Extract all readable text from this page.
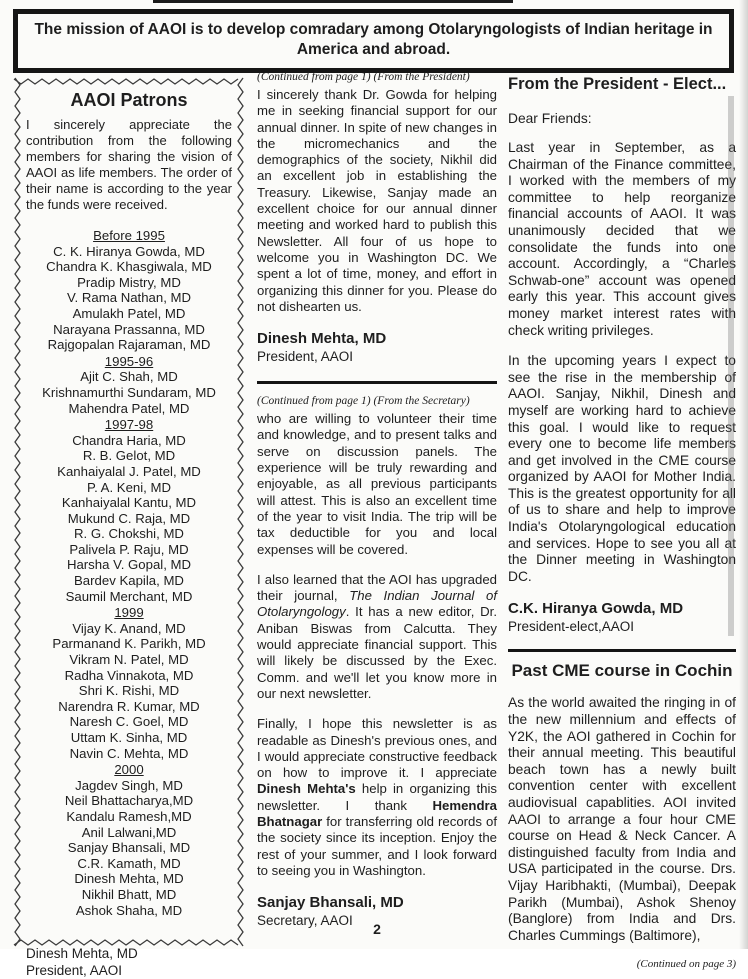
The mission of AAOI is to develop comradary among Otolaryngologists of Indian heritage in America and abroad.
AAOI Patrons
I sincerely appreciate the contribution from the following members for sharing the vision of AAOI as life members. The order of their name is according to the year the funds were received.
Before 1995
C. K. Hiranya Gowda, MD
Chandra K. Khasgiwala, MD
Pradip Mistry, MD
V. Rama Nathan, MD
Amulakh Patel, MD
Narayana Prassanna, MD
Rajgopalan Rajaraman, MD
1995-96
Ajit C. Shah, MD
Krishnamurthi Sundaram, MD
Mahendra Patel, MD
1997-98
Chandra Haria, MD
R. B. Gelot, MD
Kanhaiyalal J. Patel, MD
P. A. Keni, MD
Kanhaiyalal Kantu, MD
Mukund C. Raja, MD
R. G. Chokshi, MD
Palivela P. Raju, MD
Harsha V. Gopal, MD
Bardev Kapila, MD
Saumil Merchant, MD
1999
Vijay K. Anand, MD
Parmanand K. Parikh, MD
Vikram N. Patel, MD
Radha Vinnakota, MD
Shri K. Rishi, MD
Narendra R. Kumar, MD
Naresh C. Goel, MD
Uttam K. Sinha, MD
Navin C. Mehta, MD
2000
Jagdev Singh, MD
Neil Bhattacharya,MD
Kandalu Ramesh,MD
Anil Lalwani,MD
Sanjay Bhansali, MD
C.R. Kamath, MD
Dinesh Mehta, MD
Nikhil Bhatt, MD
Ashok Shaha, MD
Dinesh Mehta, MD
President, AAOI
(Continued from page 1) (From the President)
I sincerely thank Dr. Gowda for helping me in seeking financial support for our annual dinner. In spite of new changes in the micromechanics and the demographics of the society, Nikhil did an excellent job in establishing the Treasury. Likewise, Sanjay made an excellent choice for our annual dinner meeting and worked hard to publish this Newsletter. All four of us hope to welcome you in Washington DC. We spent a lot of time, money, and effort in organizing this dinner for you. Please do not dishearten us.
Dinesh Mehta, MD
President, AAOI
(Continued from page 1) (From the Secretary)
who are willing to volunteer their time and knowledge, and to present talks and serve on discussion panels. The experience will be truly rewarding and enjoyable, as all previous participants will attest. This is also an excellent time of the year to visit India. The trip will be tax deductible for you and local expenses will be covered.
I also learned that the AOI has upgraded their journal, The Indian Journal of Otolaryngology. It has a new editor, Dr. Aniban Biswas from Calcutta. They would appreciate financial support. This will likely be discussed by the Exec. Comm. and we'll let you know more in our next newsletter.
Finally, I hope this newsletter is as readable as Dinesh's previous ones, and I would appreciate constructive feedback on how to improve it. I appreciate Dinesh Mehta's help in organizing this newsletter. I thank Hemendra Bhatnagar for transferring old records of the society since its inception. Enjoy the rest of your summer, and I look forward to seeing you in Washington.
Sanjay Bhansali, MD
Secretary, AAOI
From the President - Elect...
Dear Friends:
Last year in September, as a Chairman of the Finance committee, I worked with the members of my committee to help reorganize financial accounts of AAOI. It was unanimously decided that we consolidate the funds into one account. Accordingly, a “Charles Schwab-one” account was opened early this year. This account gives money market interest rates with check writing privileges.
In the upcoming years I expect to see the rise in the membership of AAOI. Sanjay, Nikhil, Dinesh and myself are working hard to achieve this goal. I would like to request every one to become life members and get involved in the CME course organized by AAOI for Mother India. This is the greatest opportunity for all of us to share and help to improve India's Otolaryngological education and services. Hope to see you all at the Dinner meeting in Washington DC.
C.K. Hiranya Gowda, MD
President-elect,AAOI
Past CME course in Cochin
As the world awaited the ringing in of the new millennium and effects of Y2K, the AOI gathered in Cochin for their annual meeting. This beautiful beach town has a newly built convention center with excellent audiovisual capablities. AOI invited AAOI to arrange a four hour CME course on Head & Neck Cancer. A distinguished faculty from India and USA participated in the course. Drs. Vijay Haribhakti, (Mumbai), Deepak Parikh (Mumbai), Ashok Shenoy (Banglore) from India and Drs. Charles Cummings (Baltimore),
(Continued on page 3)
2
